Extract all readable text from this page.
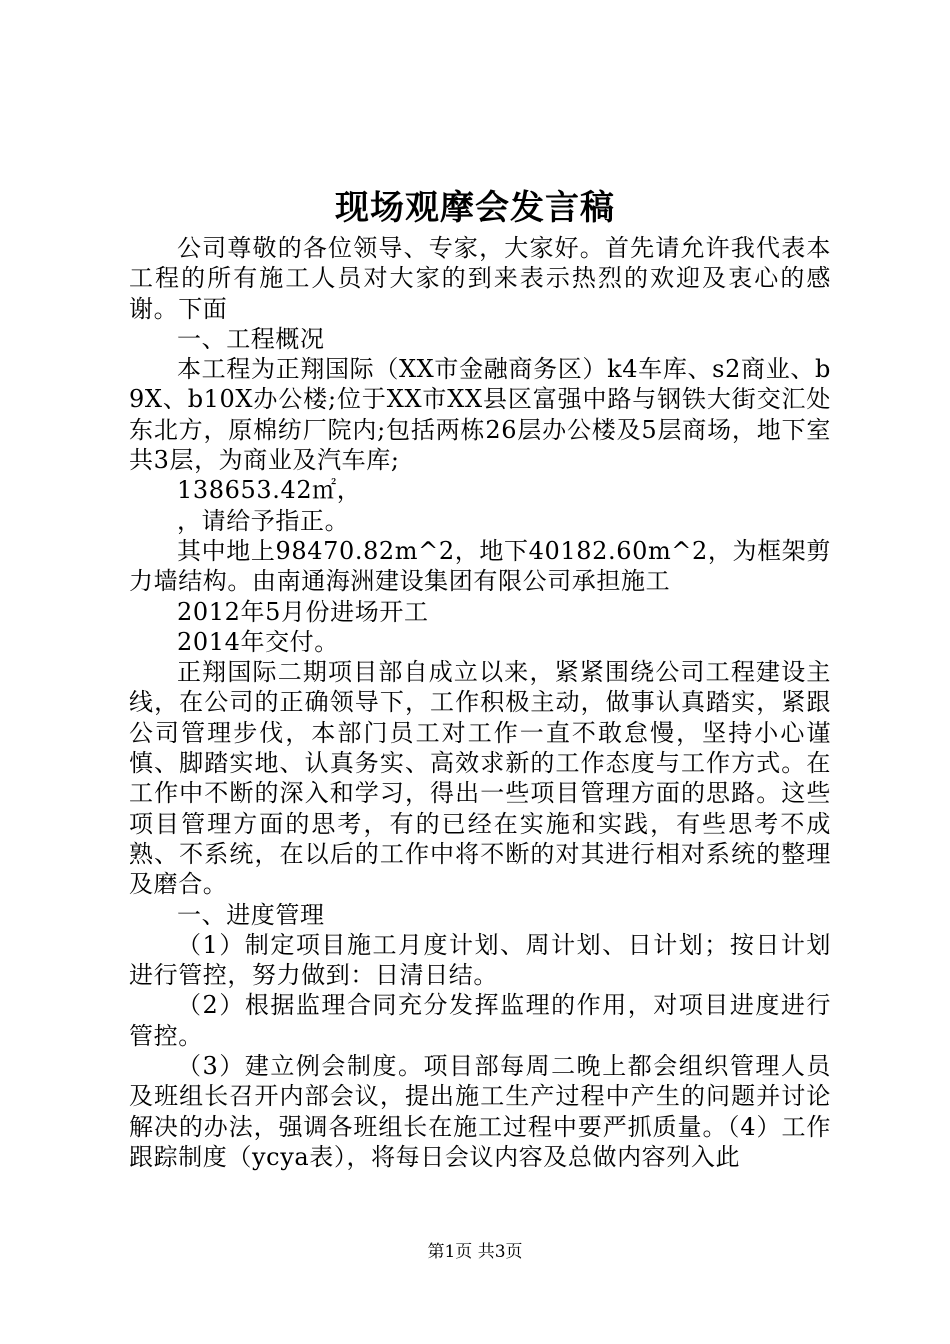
现场观摩会发言稿

公司尊敬的各位领导、专家，大家好。首先请允许我代表本工程的所有施工人员对大家的到来表示热烈的欢迎及衷心的感谢。下面

一、工程概况

本工程为正翔国际（XX市金融商务区）k4车库、s2商业、b9X、b10X办公楼;位于XX市XX县区富强中路与钢铁大街交汇处东北方，原棉纺厂院内;包括两栋26层办公楼及5层商场，地下室共3层，为商业及汽车库;

138653.42㎡，

，请给予指正。

其中地上98470.82m^2，地下40182.60m^2，为框架剪力墙结构。由南通海洲建设集团有限公司承担施工

2012年5月份进场开工

2014年交付。

正翔国际二期项目部自成立以来，紧紧围绕公司工程建设主线，在公司的正确领导下，工作积极主动，做事认真踏实，紧跟公司管理步伐，本部门员工对工作一直不敢怠慢，坚持小心谨慎、脚踏实地、认真务实、高效求新的工作态度与工作方式。在工作中不断的深入和学习，得出一些项目管理方面的思路。这些项目管理方面的思考，有的已经在实施和实践，有些思考不成熟、不系统，在以后的工作中将不断的对其进行相对系统的整理及磨合。

一、进度管理

（1）制定项目施工月度计划、周计划、日计划；按日计划进行管控，努力做到：日清日结。

（2）根据监理合同充分发挥监理的作用，对项目进度进行管控。

（3）建立例会制度。项目部每周二晚上都会组织管理人员及班组长召开内部会议，提出施工生产过程中产生的问题并讨论解决的办法，强调各班组长在施工过程中要严抓质量。（4）工作跟踪制度（ycya表），将每日会议内容及总做内容列入此

第1页 共3页
